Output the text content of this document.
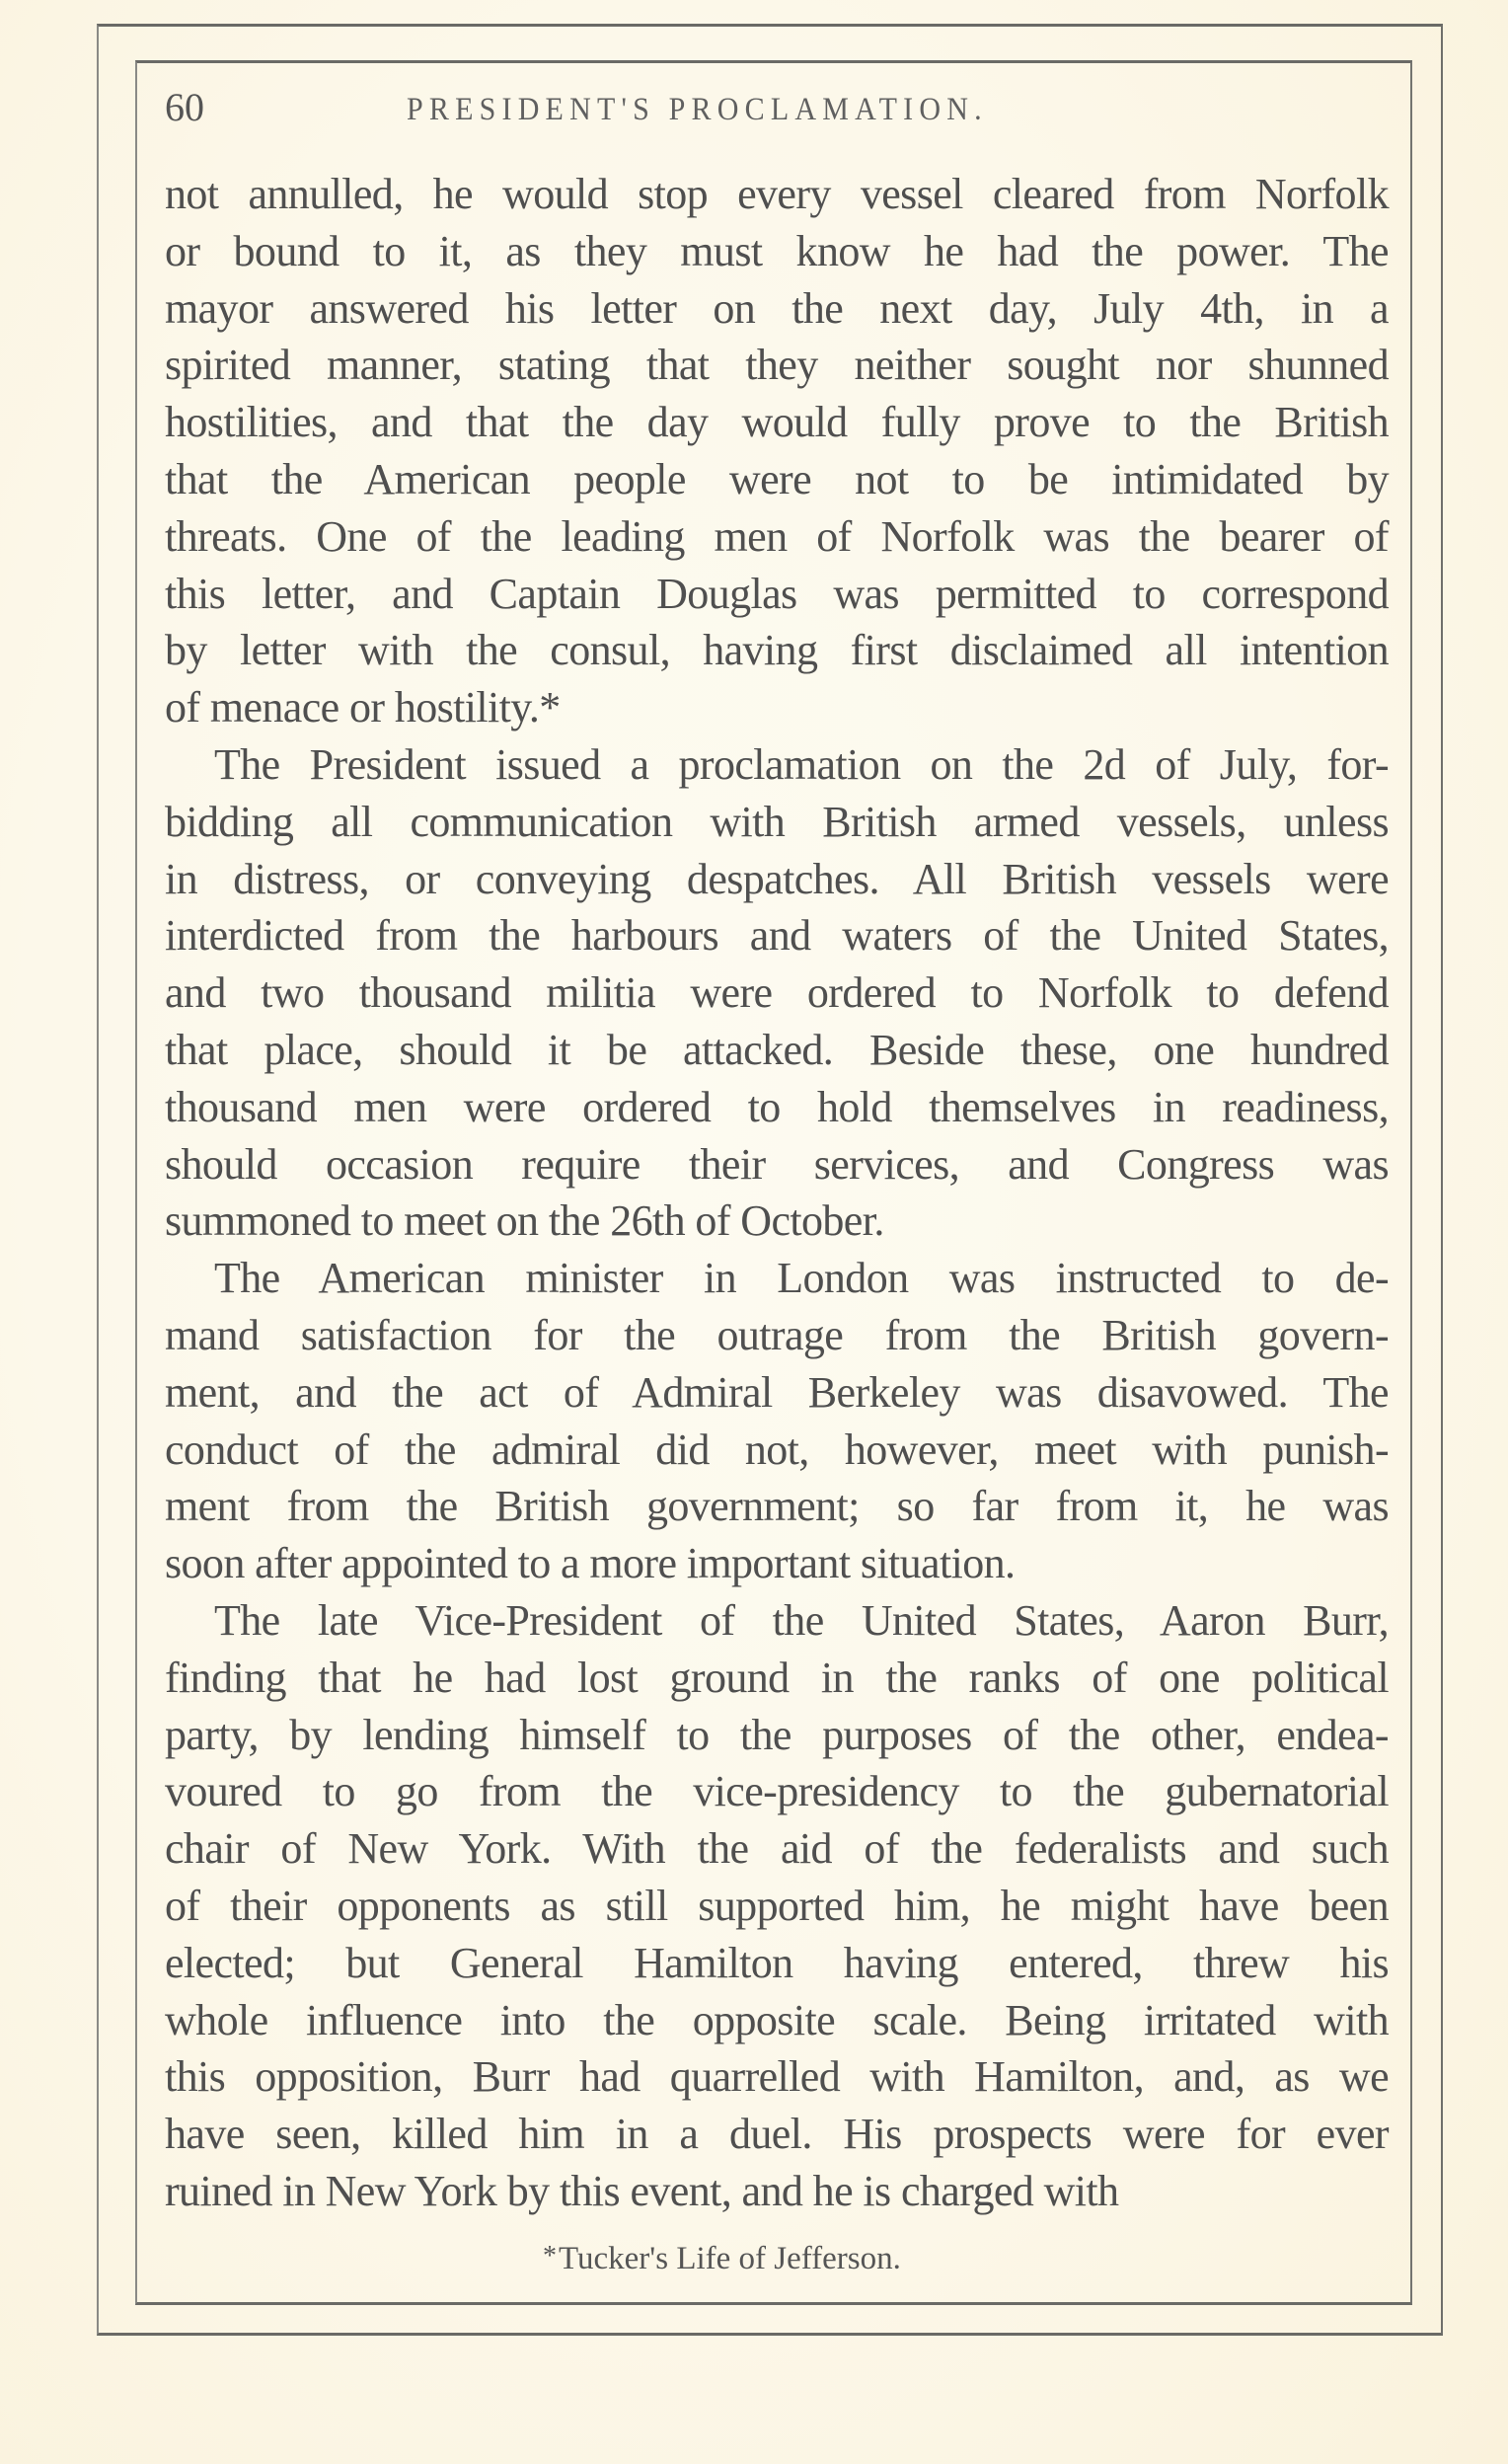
60	PRESIDENT'S PROCLAMATION.
not annulled, he would stop every vessel cleared from Norfolk
or bound to it, as they must know he had the power. The
mayor answered his letter on the next day, July 4th, in a
spirited manner, stating that they neither sought nor shunned
hostilities, and that the day would fully prove to the British
that the American people were not to be intimidated by
threats. One of the leading men of Norfolk was the bearer of
this letter, and Captain Douglas was permitted to correspond
by letter with the consul, having first disclaimed all intention
of menace or hostility.*
The President issued a proclamation on the 2d of July, for-
bidding all communication with British armed vessels, unless
in distress, or conveying despatches. All British vessels were
interdicted from the harbours and waters of the United States,
and two thousand militia were ordered to Norfolk to defend
that place, should it be attacked. Beside these, one hundred
thousand men were ordered to hold themselves in readiness,
should occasion require their services, and Congress was
summoned to meet on the 26th of October.
The American minister in London was instructed to de-
mand satisfaction for the outrage from the British govern-
ment, and the act of Admiral Berkeley was disavowed. The
conduct of the admiral did not, however, meet with punish-
ment from the British government; so far from it, he was
soon after appointed to a more important situation.
The late Vice-President of the United States, Aaron Burr,
finding that he had lost ground in the ranks of one political
party, by lending himself to the purposes of the other, endea-
voured to go from the vice-presidency to the gubernatorial
chair of New York. With the aid of the federalists and such
of their opponents as still supported him, he might have been
elected; but General Hamilton having entered, threw his
whole influence into the opposite scale. Being irritated with
this opposition, Burr had quarrelled with Hamilton, and, as we
have seen, killed him in a duel. His prospects were for ever
ruined in New York by this event, and he is charged with
*Tucker's Life of Jefferson.
